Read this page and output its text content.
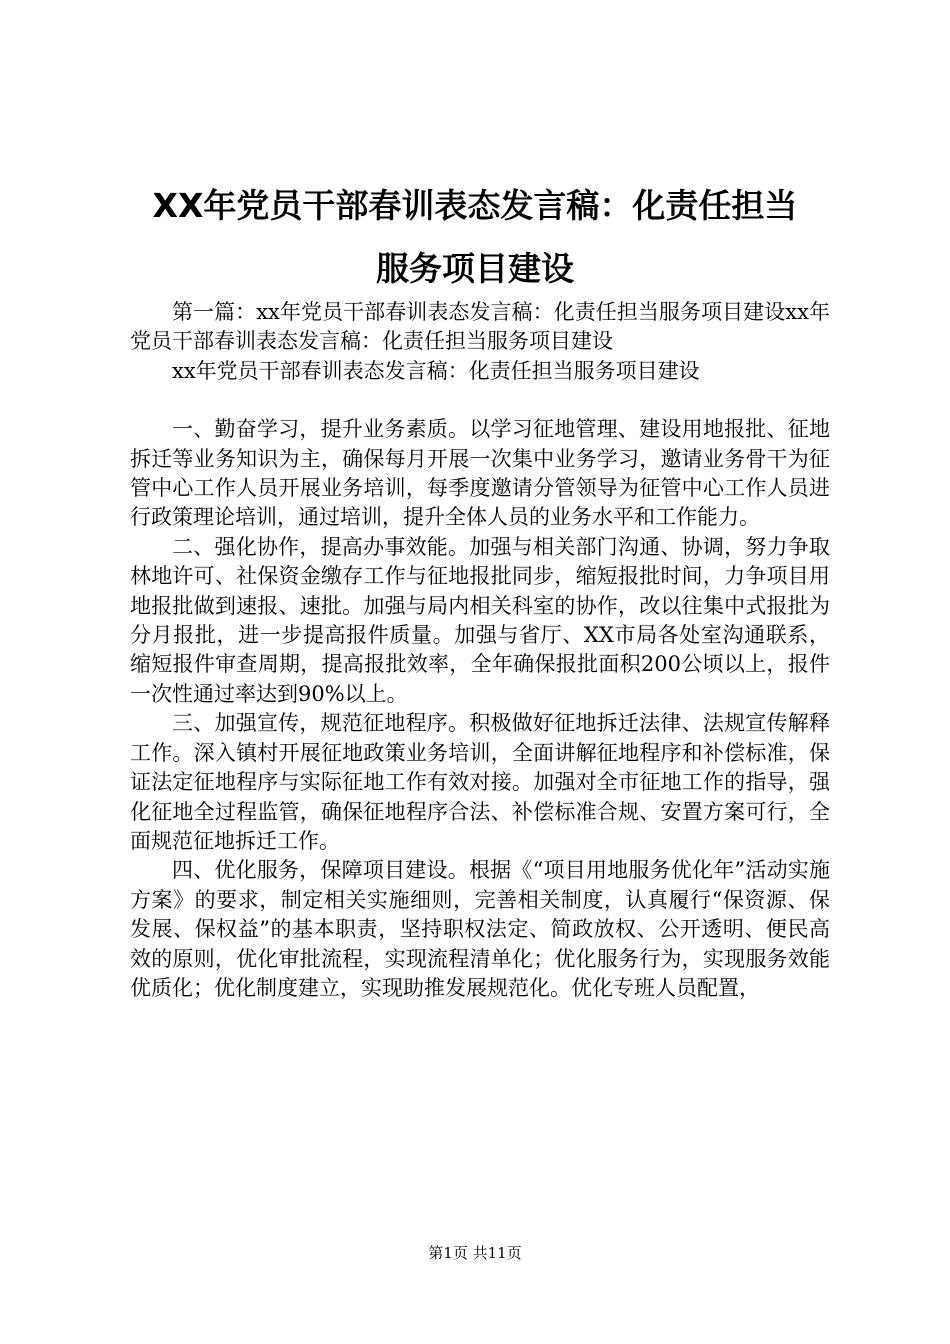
XX年党员干部春训表态发言稿：化责任担当
服务项目建设

第一篇：xx年党员干部春训表态发言稿：化责任担当服务项目建设xx年党员干部春训表态发言稿：化责任担当服务项目建设

xx年党员干部春训表态发言稿：化责任担当服务项目建设

一、勤奋学习，提升业务素质。以学习征地管理、建设用地报批、征地拆迁等业务知识为主，确保每月开展一次集中业务学习，邀请业务骨干为征管中心工作人员开展业务培训，每季度邀请分管领导为征管中心工作人员进行政策理论培训，通过培训，提升全体人员的业务水平和工作能力。

二、强化协作，提高办事效能。加强与相关部门沟通、协调，努力争取林地许可、社保资金缴存工作与征地报批同步，缩短报批时间，力争项目用地报批做到速报、速批。加强与局内相关科室的协作，改以往集中式报批为分月报批，进一步提高报件质量。加强与省厅、XX市局各处室沟通联系，缩短报件审查周期，提高报批效率，全年确保报批面积200公顷以上，报件一次性通过率达到90%以上。

三、加强宣传，规范征地程序。积极做好征地拆迁法律、法规宣传解释工作。深入镇村开展征地政策业务培训，全面讲解征地程序和补偿标准，保证法定征地程序与实际征地工作有效对接。加强对全市征地工作的指导，强化征地全过程监管，确保征地程序合法、补偿标准合规、安置方案可行，全面规范征地拆迁工作。

四、优化服务，保障项目建设。根据《“项目用地服务优化年”活动实施方案》的要求，制定相关实施细则，完善相关制度，认真履行“保资源、保发展、保权益”的基本职责，坚持职权法定、简政放权、公开透明、便民高效的原则，优化审批流程，实现流程清单化；优化服务行为，实现服务效能优质化；优化制度建立，实现助推发展规范化。优化专班人员配置，

第1页 共11页
